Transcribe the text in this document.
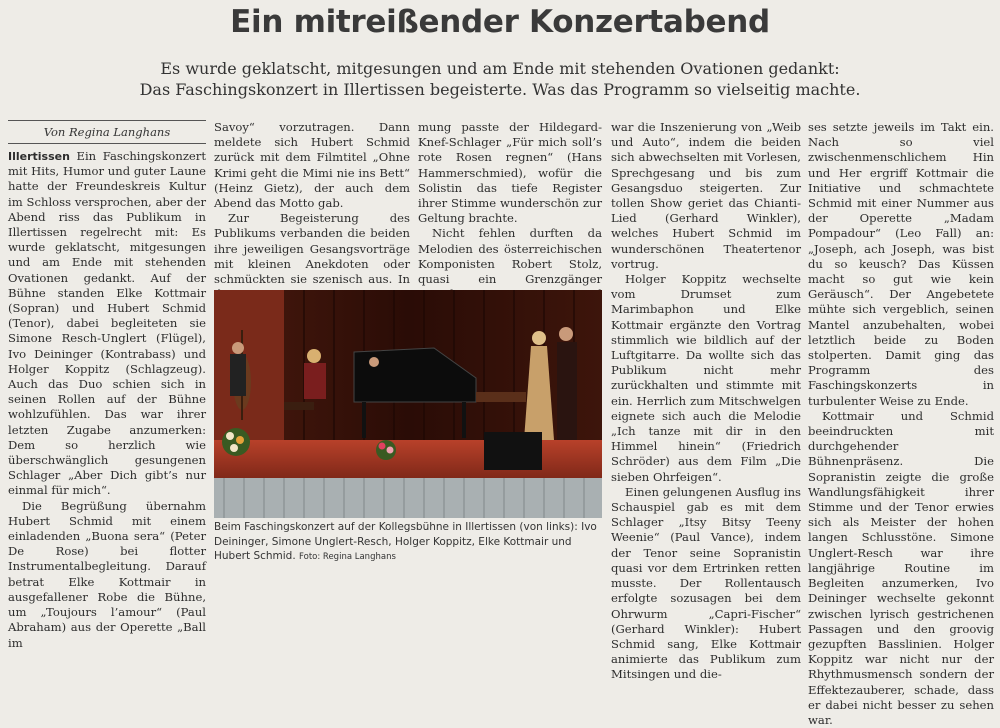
Ein mitreißender Konzertabend
Es wurde geklatscht, mitgesungen und am Ende mit stehenden Ovationen gedankt:
Das Faschingskonzert in Illertissen begeisterte. Was das Programm so vielseitig machte.
Von Regina Langhans

Illertissen Ein Faschingskonzert mit Hits, Humor und guter Laune hatte der Freundeskreis Kultur im Schloss versprochen, aber der Abend riss das Publikum in Illertissen regelrecht mit: Es wurde geklatscht, mitgesungen und am Ende mit stehenden Ovationen gedankt. Auf der Bühne standen Elke Kottmair (Sopran) und Hubert Schmid (Tenor), dabei begleiteten sie Simone Resch-Unglert (Flügel), Ivo Deininger (Kontrabass) und Holger Koppitz (Schlagzeug). Auch das Duo schien sich in seinen Rollen auf der Bühne wohlzufühlen. Das war ihrer letzten Zugabe anzumerken: Dem so herzlich wie überschwänglich gesungenen Schlager „Aber Dich gibt’s nur einmal für mich“.

Die Begrüßung übernahm Hubert Schmid mit einem einladenden „Buona sera“ (Peter De Rose) bei flotter Instrumentalbegleitung. Darauf betrat Elke Kottmair in ausgefallener Robe die Bühne, um „Toujours l’amour“ (Paul Abraham) aus der Operette „Ball im

Savoy“ vorzutragen. Dann meldete sich Hubert Schmid zurück mit dem Filmtitel „Ohne Krimi geht die Mimi nie ins Bett“ (Heinz Gietz), der auch dem Abend das Motto gab.

Zur Begeisterung des Publikums verbanden die beiden ihre jeweiligen Gesangsvorträge mit kleinen Anekdoten oder schmückten sie szenisch aus. In

mung passte der Hildegard-Knef-Schlager „Für mich soll’s rote Rosen regnen“ (Hans Hammerschmied), wofür die Solistin das tiefe Register ihrer Stimme wunderschön zur Geltung brachte.

Nicht fehlen durften da Melodien des österreichischen Komponisten Robert Stolz, quasi ein Grenzgänger

war die Inszenierung von „Weib und Auto“, indem die beiden sich abwechselten mit Vorlesen, Sprechgesang und bis zum Gesangsduo steigerten. Zur tollen Show geriet das Chianti-Lied (Gerhard Winkler), welches Hubert Schmid im wunderschönen Theatertenor vortrug.

Holger Koppitz wechselte vom Drumset zum Marimbaphon und Elke Kottmair ergänzte den Vortrag stimmlich wie bildlich auf der Luftgitarre. Da wollte sich das Publikum nicht mehr zurückhalten und stimmte mit ein. Herrlich zum Mitschwelgen eignete sich auch die Melodie „Ich tanze mit dir in den Himmel hinein“ (Friedrich Schröder) aus dem Film „Die sieben Ohrfeigen“.

Einen gelungenen Ausflug ins Schauspiel gab es mit dem Schlager „Itsy Bitsy Teeny Weenie“ (Paul Vance), indem der Tenor seine Sopranistin quasi vor dem Ertrinken retten musste. Der Rollentausch erfolgte sozusagen bei dem Ohrwurm „Capri-Fischer“ (Gerhard Winkler): Hubert Schmid sang, Elke Kottmair animierte das Publikum zum Mitsingen und die-

ses setzte jeweils im Takt ein. Nach so viel zwischenmenschlichem Hin und Her ergriff Kottmair die Initiative und schmachtete Schmid mit einer Nummer aus der Operette „Madam Pompadour“ (Leo Fall) an: „Joseph, ach Joseph, was bist du so keusch? Das Küssen macht so gut wie kein Geräusch“. Der Angebetete mühte sich vergeblich, seinen Mantel anzubehalten, wobei letztlich beide zu Boden stolperten. Damit ging das Programm des Faschingskonzerts in turbulenter Weise zu Ende.

Kottmair und Schmid beeindruckten mit durchgehender Bühnenpräsenz. Die Sopranistin zeigte die große Wandlungsfähigkeit ihrer Stimme und der Tenor erwies sich als Meister der hohen langen Schlusstöne. Simone Unglert-Resch war ihre langjährige Routine im Begleiten anzumerken, Ivo Deininger wechselte gekonnt zwischen lyrisch gestrichenen Passagen und den groovig gezupften Basslinien. Holger Koppitz war nicht nur der Rhythmusmensch sondern der Effektezauberer, schade, dass er dabei nicht besser zu sehen war.

Beim Faschingskonzert auf der Kollegsbühne in Illertissen (von links): Ivo Deininger, Simone Unglert-Resch, Holger Koppitz, Elke Kottmair und Hubert Schmid. Foto: Regina Langhans
